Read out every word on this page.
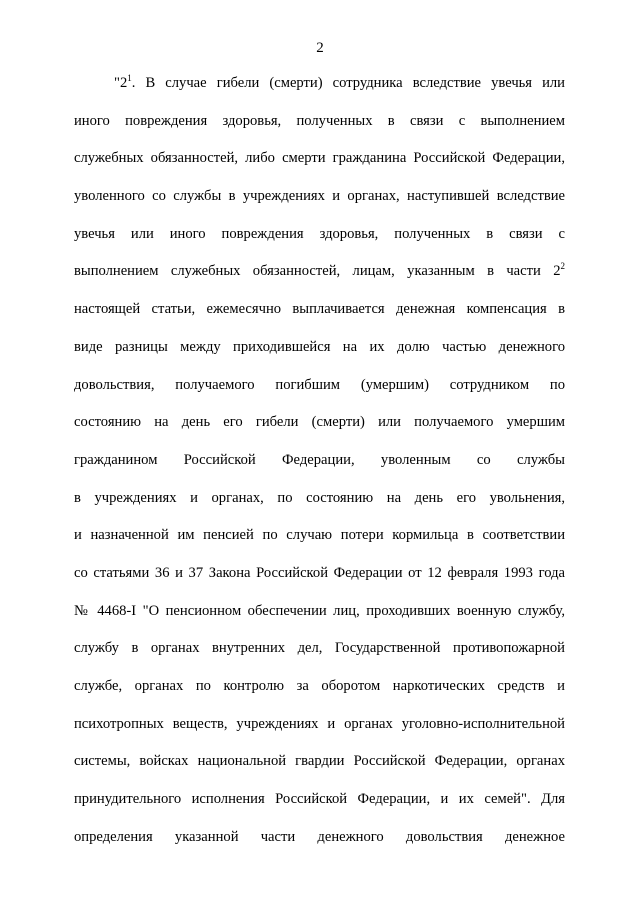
2
"$2^1$. В случае гибели (смерти) сотрудника вследствие увечья или
иного повреждения здоровья, полученных в связи с выполнением
служебных обязанностей, либо смерти гражданина Российской Федерации,
уволенного со службы в учреждениях и органах, наступившей вследствие
увечья или иного повреждения здоровья, полученных в связи с
выполнением служебных обязанностей, лицам, указанным в части $2^2$
настоящей статьи, ежемесячно выплачивается денежная компенсация в
виде разницы между приходившейся на их долю частью денежного
довольствия, получаемого погибшим (умершим) сотрудником по
состоянию на день его гибели (смерти) или получаемого умершим
гражданином Российской Федерации, уволенным со службы
в учреждениях и органах, по состоянию на день его увольнения,
и назначенной им пенсией по случаю потери кормильца в соответствии
со статьями 36 и 37 Закона Российской Федерации от 12 февраля 1993 года
№ 4468-I "О пенсионном обеспечении лиц, проходивших военную службу,
службу в органах внутренних дел, Государственной противопожарной
службе, органах по контролю за оборотом наркотических средств и
психотропных веществ, учреждениях и органах уголовно-исполнительной
системы, войсках национальной гвардии Российской Федерации, органах
принудительного исполнения Российской Федерации, и их семей". Для
определения указанной части денежного довольствия денежное
